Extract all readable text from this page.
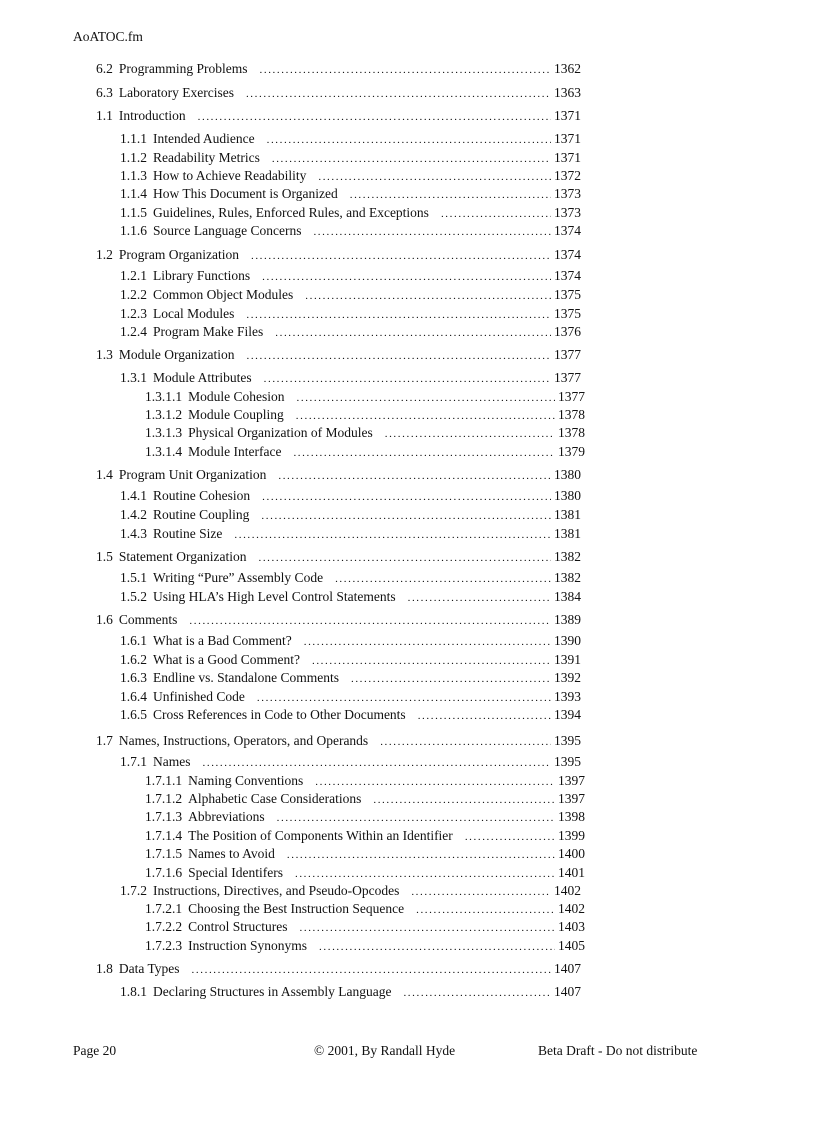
AoATOC.fm
6.2 Programming Problems .....	1362
6.3 Laboratory Exercises .....	1363
1.1 Introduction .....	1371
1.1.1 Intended Audience .....	1371
1.1.2 Readability Metrics .....	1371
1.1.3 How to Achieve Readability .....	1372
1.1.4 How This Document is Organized .....	1373
1.1.5 Guidelines, Rules, Enforced Rules, and Exceptions .....	1373
1.1.6 Source Language Concerns .....	1374
1.2 Program Organization .....	1374
1.2.1 Library Functions .....	1374
1.2.2 Common Object Modules .....	1375
1.2.3 Local Modules .....	1375
1.2.4 Program Make Files .....	1376
1.3 Module Organization .....	1377
1.3.1 Module Attributes .....	1377
1.3.1.1 Module Cohesion .....	1377
1.3.1.2 Module Coupling .....	1378
1.3.1.3 Physical Organization of Modules .....	1378
1.3.1.4 Module Interface .....	1379
1.4 Program Unit Organization .....	1380
1.4.1 Routine Cohesion .....	1380
1.4.2 Routine Coupling .....	1381
1.4.3 Routine Size .....	1381
1.5 Statement Organization .....	1382
1.5.1 Writing “Pure” Assembly Code .....	1382
1.5.2 Using HLA’s High Level Control Statements .....	1384
1.6 Comments .....	1389
1.6.1 What is a Bad Comment? .....	1390
1.6.2 What is a Good Comment? .....	1391
1.6.3 Endline vs. Standalone Comments .....	1392
1.6.4 Unfinished Code .....	1393
1.6.5 Cross References in Code to Other Documents .....	1394
1.7 Names, Instructions, Operators, and Operands .....	1395
1.7.1 Names .....	1395
1.7.1.1 Naming Conventions .....	1397
1.7.1.2 Alphabetic Case Considerations .....	1397
1.7.1.3 Abbreviations .....	1398
1.7.1.4 The Position of Components Within an Identifier .....	1399
1.7.1.5 Names to Avoid .....	1400
1.7.1.6 Special Identifers .....	1401
1.7.2 Instructions, Directives, and Pseudo-Opcodes .....	1402
1.7.2.1 Choosing the Best Instruction Sequence .....	1402
1.7.2.2 Control Structures .....	1403
1.7.2.3 Instruction Synonyms .....	1405
1.8 Data Types .....	1407
1.8.1 Declaring Structures in Assembly Language .....	1407
Page 20	© 2001, By Randall Hyde	Beta Draft - Do not distribute
